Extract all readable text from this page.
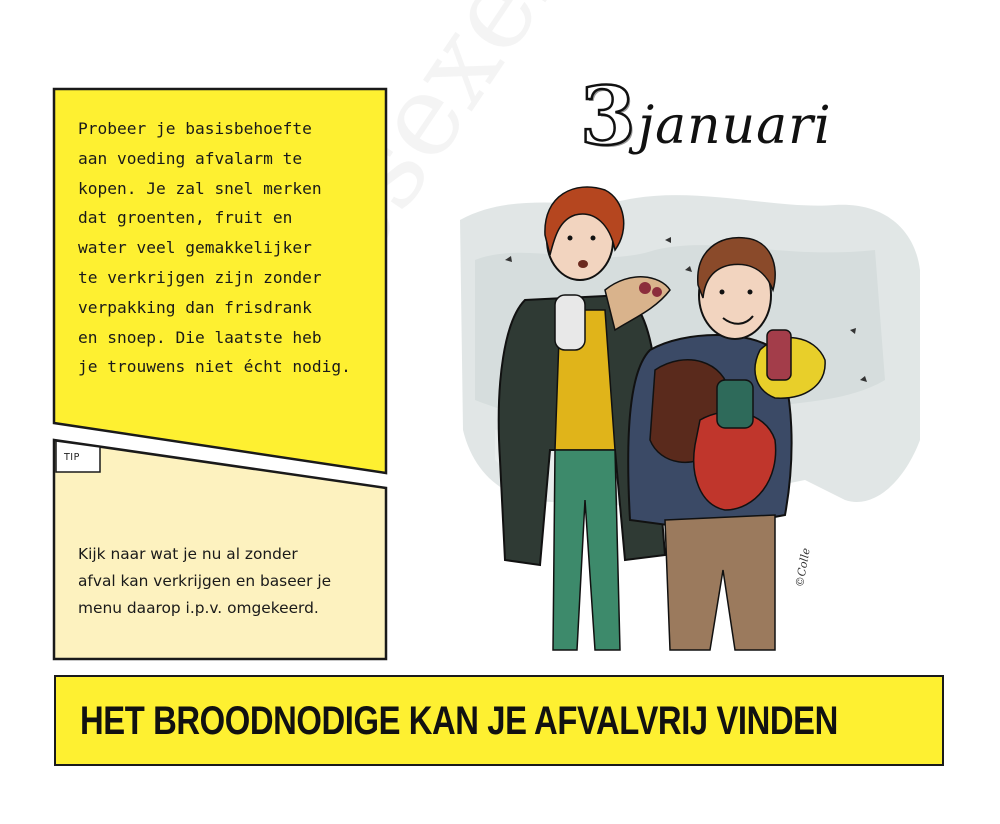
Probeer je basisbehoefte
aan voeding afvalarm te
kopen. Je zal snel merken
dat groenten, fruit en
water veel gemakkelijker
te verkrijgen zijn zonder
verpakking dan frisdrank
en snoep. Die laatste heb
je trouwens niet écht nodig.

TIP

Kijk naar wat je nu al zonder
afval kan verkrijgen en baseer je
menu daarop i.p.v. omgekeerd.

3 januari
©Colle
HET BROODNODIGE KAN JE AFVALVRIJ VINDEN
